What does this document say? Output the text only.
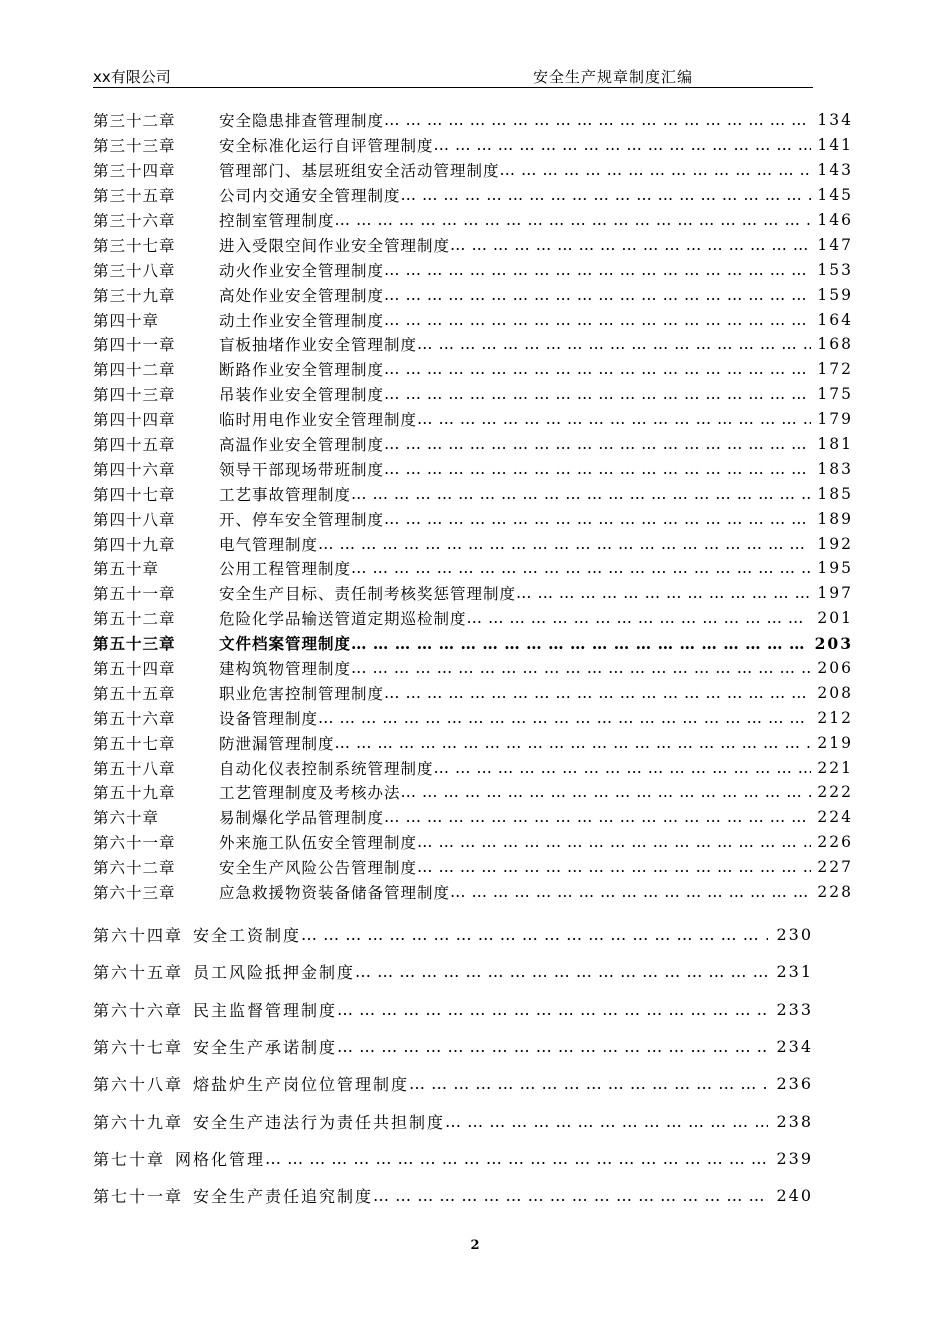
xx有限公司	安全生产规章制度汇编
第三十二章	安全隐患排查管理制度 … … … … … … … … … … … … … … … … … … … … … … … … … … … … … … … … … … … … … … … … … … … … … … … … … … … … … … … … …	134
第三十三章	安全标准化运行自评管理制度 … … … … … … … … … … … … … … … … … … … … … … … … … … … … … … … … … … … … … … … … … … … … … … … … … … … … … … … … …	141
第三十四章	管理部门、基层班组安全活动管理制度 … … … … … … … … … … … … … … … … … … … … … … … … … … … … … … … … … … … … … … … … … … … … … … … … … … … … … … … … …	143
第三十五章	公司内交通安全管理制度 … … … … … … … … … … … … … … … … … … … … … … … … … … … … … … … … … … … … … … … … … … … … … … … … … … … … … … … … …	145
第三十六章	控制室管理制度 … … … … … … … … … … … … … … … … … … … … … … … … … … … … … … … … … … … … … … … … … … … … … … … … … … … … … … … … …	146
第三十七章	进入受限空间作业安全管理制度 … … … … … … … … … … … … … … … … … … … … … … … … … … … … … … … … … … … … … … … … … … … … … … … … … … … … … … … … …	147
第三十八章	动火作业安全管理制度 … … … … … … … … … … … … … … … … … … … … … … … … … … … … … … … … … … … … … … … … … … … … … … … … … … … … … … … … …	153
第三十九章	高处作业安全管理制度 … … … … … … … … … … … … … … … … … … … … … … … … … … … … … … … … … … … … … … … … … … … … … … … … … … … … … … … … …	159
第四十章	动土作业安全管理制度 … … … … … … … … … … … … … … … … … … … … … … … … … … … … … … … … … … … … … … … … … … … … … … … … … … … … … … … … …	164
第四十一章	盲板抽堵作业安全管理制度 … … … … … … … … … … … … … … … … … … … … … … … … … … … … … … … … … … … … … … … … … … … … … … … … … … … … … … … … …	168
第四十二章	断路作业安全管理制度 … … … … … … … … … … … … … … … … … … … … … … … … … … … … … … … … … … … … … … … … … … … … … … … … … … … … … … … … …	172
第四十三章	吊装作业安全管理制度 … … … … … … … … … … … … … … … … … … … … … … … … … … … … … … … … … … … … … … … … … … … … … … … … … … … … … … … … …	175
第四十四章	临时用电作业安全管理制度 … … … … … … … … … … … … … … … … … … … … … … … … … … … … … … … … … … … … … … … … … … … … … … … … … … … … … … … … …	179
第四十五章	高温作业安全管理制度 … … … … … … … … … … … … … … … … … … … … … … … … … … … … … … … … … … … … … … … … … … … … … … … … … … … … … … … … …	181
第四十六章	领导干部现场带班制度 … … … … … … … … … … … … … … … … … … … … … … … … … … … … … … … … … … … … … … … … … … … … … … … … … … … … … … … … …	183
第四十七章	工艺事故管理制度 … … … … … … … … … … … … … … … … … … … … … … … … … … … … … … … … … … … … … … … … … … … … … … … … … … … … … … … … …	185
第四十八章	开、停车安全管理制度 … … … … … … … … … … … … … … … … … … … … … … … … … … … … … … … … … … … … … … … … … … … … … … … … … … … … … … … … …	189
第四十九章	电气管理制度 … … … … … … … … … … … … … … … … … … … … … … … … … … … … … … … … … … … … … … … … … … … … … … … … … … … … … … … … …	192
第五十章	公用工程管理制度 … … … … … … … … … … … … … … … … … … … … … … … … … … … … … … … … … … … … … … … … … … … … … … … … … … … … … … … … …	195
第五十一章	安全生产目标、责任制考核奖惩管理制度 … … … … … … … … … … … … … … … … … … … … … … … … … … … … … … … … … … … … … … … … … … … … … … … … … … … … … … … … …	197
第五十二章	危险化学品输送管道定期巡检制度 … … … … … … … … … … … … … … … … … … … … … … … … … … … … … … … … … … … … … … … … … … … … … … … … … … … … … … … … …	201
第五十三章	文件档案管理制度 … … … … … … … … … … … … … … … … … … … … … … … … … … … … … … … … … … … … … … … … … … … … … … … … … … … … … … … … …	203
第五十四章	建构筑物管理制度 … … … … … … … … … … … … … … … … … … … … … … … … … … … … … … … … … … … … … … … … … … … … … … … … … … … … … … … … …	206
第五十五章	职业危害控制管理制度 … … … … … … … … … … … … … … … … … … … … … … … … … … … … … … … … … … … … … … … … … … … … … … … … … … … … … … … … …	208
第五十六章	设备管理制度 … … … … … … … … … … … … … … … … … … … … … … … … … … … … … … … … … … … … … … … … … … … … … … … … … … … … … … … … …	212
第五十七章	防泄漏管理制度 … … … … … … … … … … … … … … … … … … … … … … … … … … … … … … … … … … … … … … … … … … … … … … … … … … … … … … … … …	219
第五十八章	自动化仪表控制系统管理制度 … … … … … … … … … … … … … … … … … … … … … … … … … … … … … … … … … … … … … … … … … … … … … … … … … … … … … … … … …	221
第五十九章	工艺管理制度及考核办法 … … … … … … … … … … … … … … … … … … … … … … … … … … … … … … … … … … … … … … … … … … … … … … … … … … … … … … … … …	222
第六十章	易制爆化学品管理制度 … … … … … … … … … … … … … … … … … … … … … … … … … … … … … … … … … … … … … … … … … … … … … … … … … … … … … … … … …	224
第六十一章	外来施工队伍安全管理制度 … … … … … … … … … … … … … … … … … … … … … … … … … … … … … … … … … … … … … … … … … … … … … … … … … … … … … … … … …	226
第六十二章	安全生产风险公告管理制度 … … … … … … … … … … … … … … … … … … … … … … … … … … … … … … … … … … … … … … … … … … … … … … … … … … … … … … … … …	227
第六十三章	应急救援物资装备储备管理制度 … … … … … … … … … … … … … … … … … … … … … … … … … … … … … … … … … … … … … … … … … … … … … … … … … … … … … … … … …	228
第六十四章 安全工资制度 … … … … … … … … … … … … … … … … … … … … … … … … … … … … … … … … … … … … … … … … … … … … … … … … … … … … … … … … … …	230
第六十五章 员工风险抵押金制度 … … … … … … … … … … … … … … … … … … … … … … … … … … … … … … … … … … … … … … … … … … … … … … … … … … … … … … … … … …	231
第六十六章 民主监督管理制度 … … … … … … … … … … … … … … … … … … … … … … … … … … … … … … … … … … … … … … … … … … … … … … … … … … … … … … … … … …	233
第六十七章 安全生产承诺制度 … … … … … … … … … … … … … … … … … … … … … … … … … … … … … … … … … … … … … … … … … … … … … … … … … … … … … … … … … …	234
第六十八章 熔盐炉生产岗位位管理制度 … … … … … … … … … … … … … … … … … … … … … … … … … … … … … … … … … … … … … … … … … … … … … … … … … … … … … … … … … …	236
第六十九章 安全生产违法行为责任共担制度 … … … … … … … … … … … … … … … … … … … … … … … … … … … … … … … … … … … … … … … … … … … … … … … … … … … … … … … … … …	238
第七十章 网格化管理 … … … … … … … … … … … … … … … … … … … … … … … … … … … … … … … … … … … … … … … … … … … … … … … … … … … … … … … … … …	239
第七十一章 安全生产责任追究制度 … … … … … … … … … … … … … … … … … … … … … … … … … … … … … … … … … … … … … … … … … … … … … … … … … … … … … … … … … …	240
2
